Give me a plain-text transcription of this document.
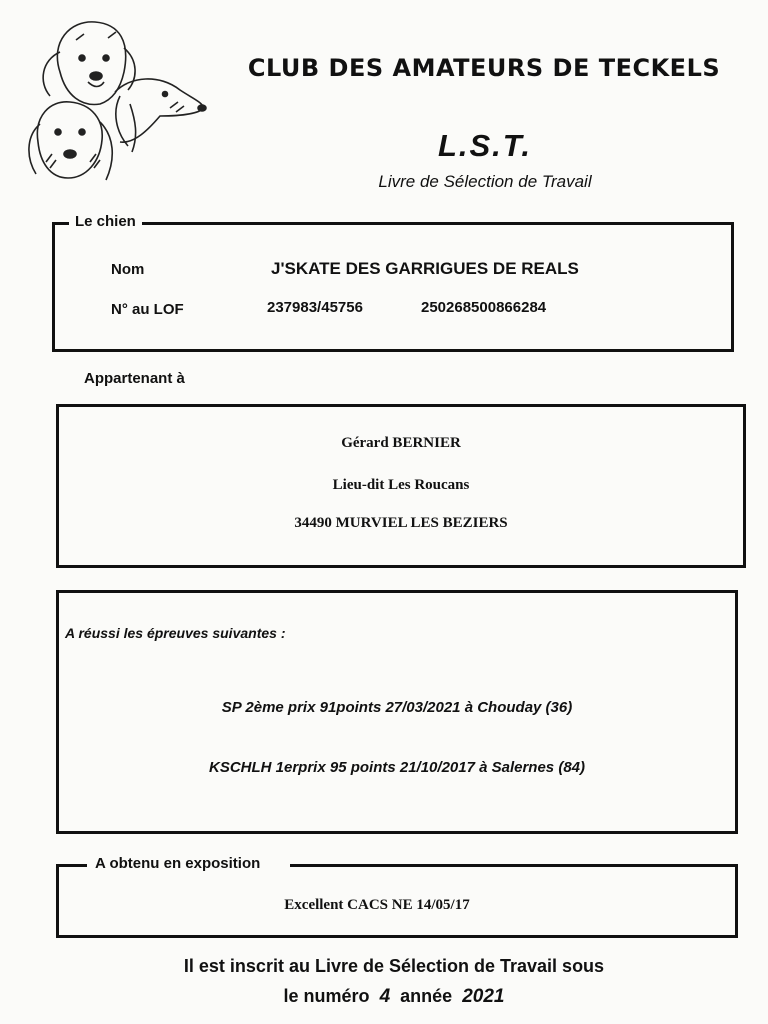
CLUB DES AMATEURS DE TECKELS
L.S.T.
Livre de Sélection de Travail
Le chien
Nom	J'SKATE DES GARRIGUES DE REALS
N° au LOF	237983/45756	250268500866284
Appartenant à
Gérard BERNIER
Lieu-dit Les Roucans
34490 MURVIEL LES BEZIERS
A réussi les épreuves suivantes :
SP 2ème prix 91points 27/03/2021 à Chouday (36)
KSCHLH 1erprix 95 points 21/10/2017 à Salernes (84)
A obtenu en exposition
Excellent CACS NE 14/05/17
Il est inscrit au Livre de Sélection de Travail sous
le numéro 4 année 2021
